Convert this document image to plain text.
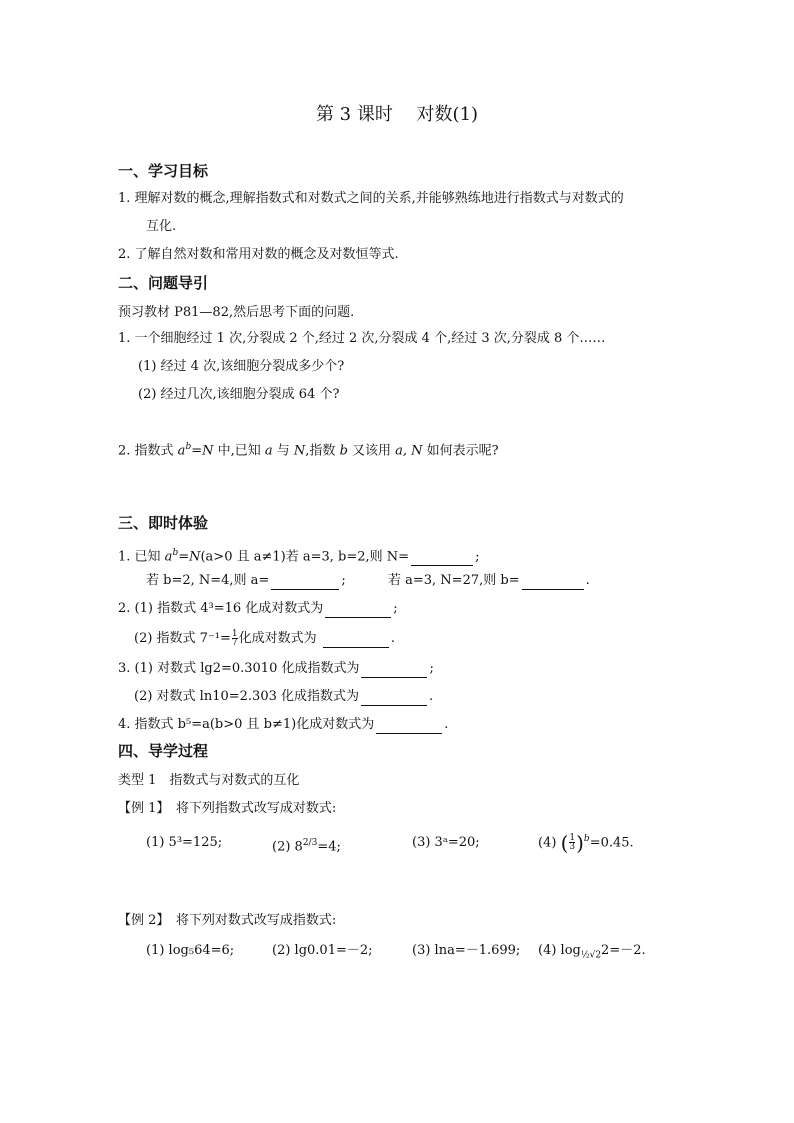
第 3 课时　 对数(1)
一、学习目标
1. 理解对数的概念,理解指数式和对数式之间的关系,并能够熟练地进行指数式与对数式的
互化.
2. 了解自然对数和常用对数的概念及对数恒等式.
二、问题导引
预习教材 P81—82,然后思考下面的问题.
1. 一个细胞经过 1 次,分裂成 2 个,经过 2 次,分裂成 4 个,经过 3 次,分裂成 8 个……
(1) 经过 4 次,该细胞分裂成多少个?
(2) 经过几次,该细胞分裂成 64 个?
2. 指数式 $a^b=N$ 中,已知 a 与 N,指数 b 又该用 a, N 如何表示呢?
三、即时体验
1. 已知 $a^b=N(a>0$ 且 a≠1)若 a=3, b=2,则 N=	;
若 b=2, N=4,则 a=	;	若 a=3, N=27,则 b=	.
2. (1) 指数式 4³=16 化成对数式为	;
(2) 指数式 $7^{-1}= \frac{1}{7}$ 化成对数式为	.
3. (1) 对数式 lg2=0.3010 化成指数式为	;
(2) 对数式 ln10=2.303 化成指数式为	.
4. 指数式 b⁵=a(b>0 且 b≠1)化成对数式为	.
四、导学过程
类型 1　指数式与对数式的互化
【例 1】　 将下列指数式改写成对数式:
(1) 5³=125;	(2) $8^{2/3}=4$;	(3) 3ᵃ=20;	(4) ( $\frac{1}{3} )^b=0.45$.
【例 2】　 将下列对数式改写成指数式:
(1) log₅64=6;	(2) lg0.01=－2;	(3) lna=－1.699; (4) $\log_{\frac{1}{2}√2}2=-2$.
